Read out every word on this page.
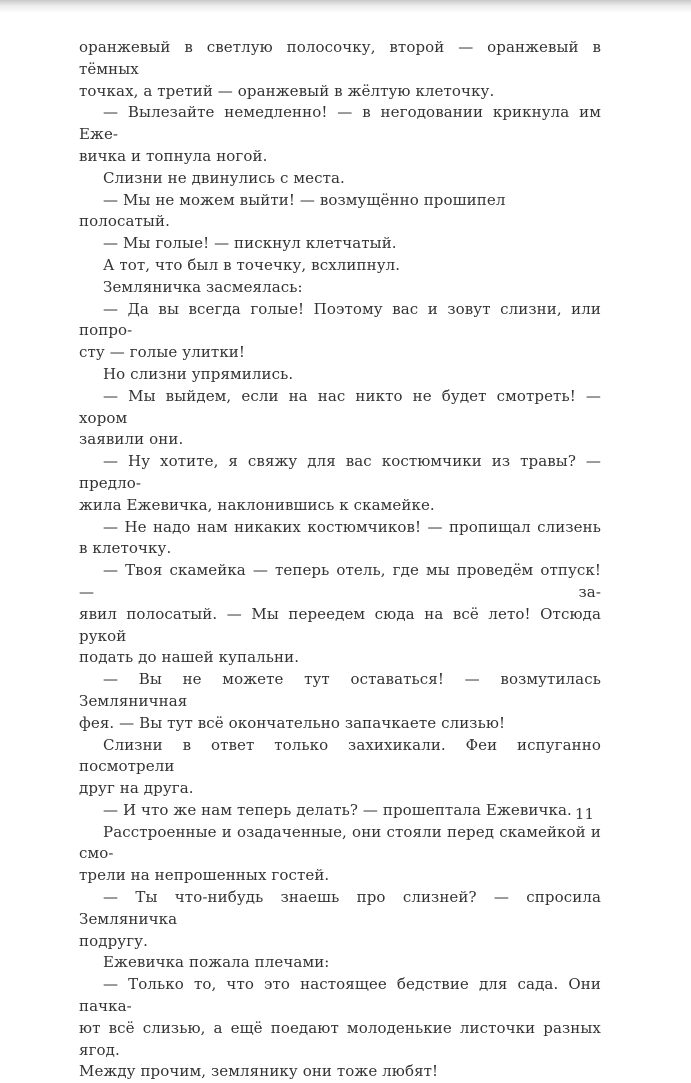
оранжевый в светлую полосочку, второй — оранжевый в тёмных
точках, а третий — оранжевый в жёлтую клеточку.
— Вылезайте немедленно! — в негодовании крикнула им Еже-
вичка и топнула ногой.
Слизни не двинулись с места.
— Мы не можем выйти! — возмущённо прошипел полосатый.
— Мы голые! — пискнул клетчатый.
А тот, что был в точечку, всхлипнул.
Земляничка засмеялась:
— Да вы всегда голые! Поэтому вас и зовут слизни, или попро-
сту — голые улитки!
Но слизни упрямились.
— Мы выйдем, если на нас никто не будет смотреть! — хором
заявили они.
— Ну хотите, я свяжу для вас костюмчики из травы? — предло-
жила Ежевичка, наклонившись к скамейке.
— Не надо нам никаких костюмчиков! — пропищал слизень
в клеточку.
— Твоя скамейка — теперь отель, где мы проведём отпуск! — за-
явил полосатый. — Мы переедем сюда на всё лето! Отсюда рукой
подать до нашей купальни.
— Вы не можете тут оставаться! — возмутилась Земляничная
фея. — Вы тут всё окончательно запачкаете слизью!
Слизни в ответ только захихикали. Феи испуганно посмотрели
друг на друга.
— И что же нам теперь делать? — прошептала Ежевичка.
Расстроенные и озадаченные, они стояли перед скамейкой и смо-
трели на непрошенных гостей.
— Ты что-нибудь знаешь про слизней? — спросила Земляничка
подругу.
Ежевичка пожала плечами:
— Только то, что это настоящее бедствие для сада. Они пачка-
ют всё слизью, а ещё поедают молоденькие листочки разных ягод.
Между прочим, землянику они тоже любят!
11
